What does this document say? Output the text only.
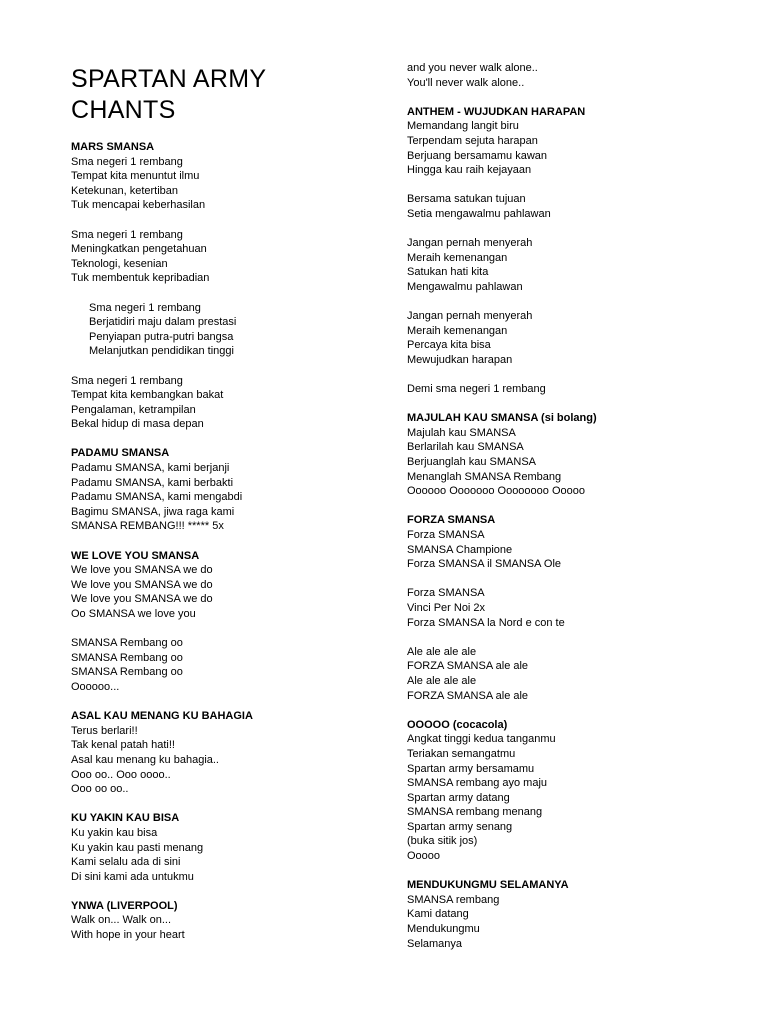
SPARTAN ARMY
CHANTS
MARS SMANSA
Sma negeri 1 rembang
Tempat kita menuntut ilmu
Ketekunan, ketertiban
Tuk mencapai keberhasilan
Sma negeri 1 rembang
Meningkatkan pengetahuan
Teknologi, kesenian
Tuk membentuk kepribadian
Sma negeri 1 rembang
Berjatidiri maju dalam prestasi
Penyiapan putra-putri bangsa
Melanjutkan pendidikan tinggi
Sma negeri 1 rembang
Tempat kita kembangkan bakat
Pengalaman, ketrampilan
Bekal hidup di masa depan
PADAMU SMANSA
Padamu SMANSA, kami berjanji
Padamu SMANSA, kami berbakti
Padamu SMANSA, kami mengabdi
Bagimu SMANSA, jiwa raga kami
SMANSA REMBANG!!! ***** 5x
WE LOVE YOU SMANSA
We love you SMANSA we do
We love you SMANSA we do
We love you SMANSA we do
Oo SMANSA we love you
SMANSA Rembang oo
SMANSA Rembang oo
SMANSA Rembang oo
Oooooo...
ASAL KAU MENANG KU BAHAGIA
Terus berlari!!
Tak kenal patah hati!!
Asal kau menang ku bahagia..
Ooo oo.. Ooo oooo..
Ooo oo oo..
KU YAKIN KAU BISA
Ku yakin kau bisa
Ku yakin kau pasti menang
Kami selalu ada di sini
Di sini kami ada untukmu
YNWA (LIVERPOOL)
Walk on... Walk on...
With hope in your heart
and you never walk alone..
You'll never walk alone..
ANTHEM - WUJUDKAN HARAPAN
Memandang langit biru
Terpendam sejuta harapan
Berjuang bersamamu kawan
Hingga kau raih kejayaan
Bersama satukan tujuan
Setia mengawalmu pahlawan
Jangan pernah menyerah
Meraih kemenangan
Satukan hati kita
Mengawalmu pahlawan
Jangan pernah menyerah
Meraih kemenangan
Percaya kita bisa
Mewujudkan harapan
Demi sma negeri 1 rembang
MAJULAH KAU SMANSA (si bolang)
Majulah kau SMANSA
Berlarilah kau SMANSA
Berjuanglah kau SMANSA
Menanglah SMANSA Rembang
Oooooo Ooooooo Oooooooo Ooooo
FORZA SMANSA
Forza SMANSA
SMANSA Champione
Forza SMANSA il SMANSA Ole
Forza SMANSA
Vinci Per Noi 2x
Forza SMANSA la Nord e con te
Ale ale ale ale
FORZA SMANSA ale ale
Ale ale ale ale
FORZA SMANSA ale ale
OOOOO (cocacola)
Angkat tinggi kedua tanganmu
Teriakan semangatmu
Spartan army bersamamu
SMANSA rembang ayo maju
Spartan army datang
SMANSA rembang menang
Spartan army senang
(buka sitik jos)
Ooooo
MENDUKUNGMU SELAMANYA
SMANSA rembang
Kami datang
Mendukungmu
Selamanya
